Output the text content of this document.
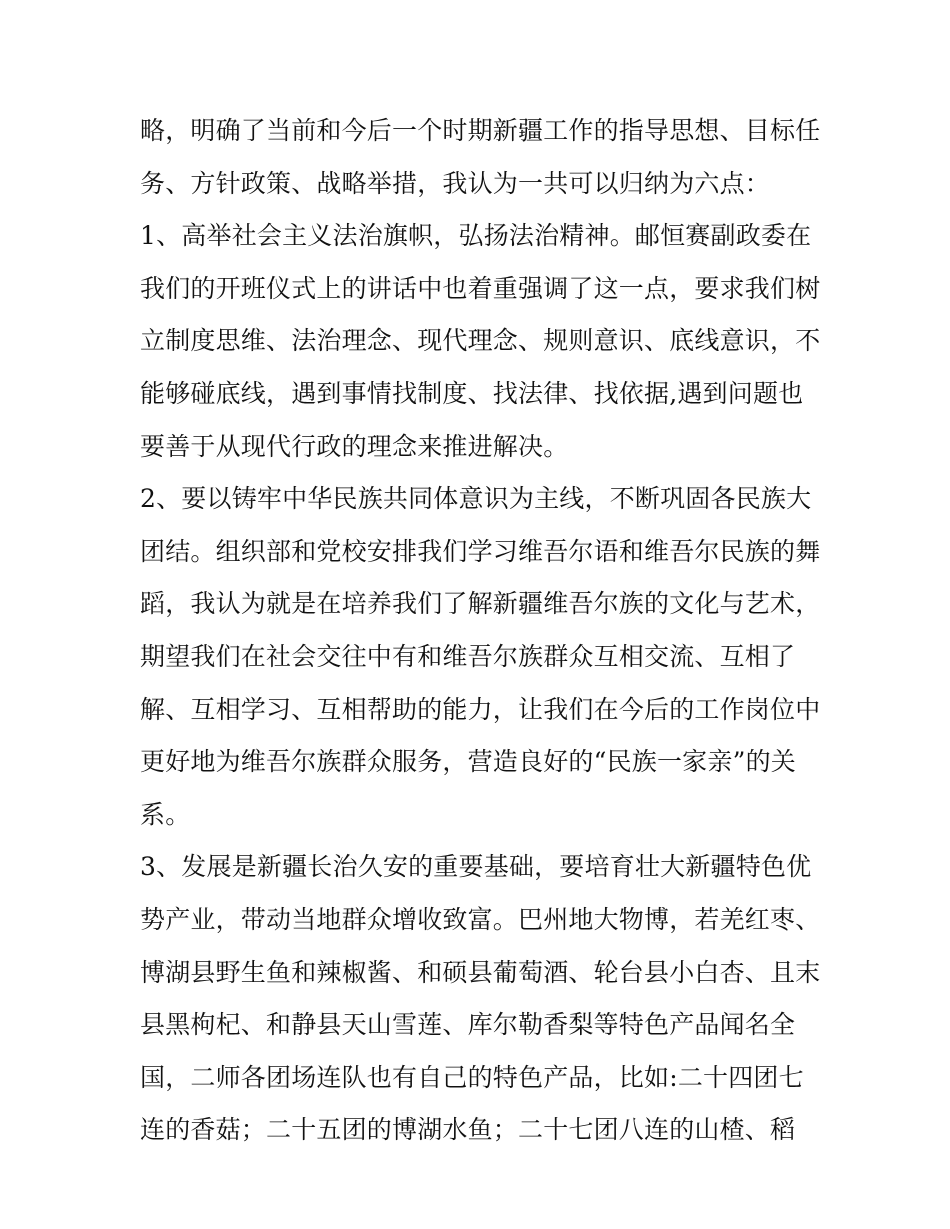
略，明确了当前和今后一个时期新疆工作的指导思想、目标任
务、方针政策、战略举措，我认为一共可以归纳为六点：
1、高举社会主义法治旗帜，弘扬法治精神。邮恒赛副政委在
我们的开班仪式上的讲话中也着重强调了这一点，要求我们树
立制度思维、法治理念、现代理念、规则意识、底线意识，不
能够碰底线，遇到事情找制度、找法律、找依据,遇到问题也
要善于从现代行政的理念来推进解决。
2、要以铸牢中华民族共同体意识为主线，不断巩固各民族大
团结。组织部和党校安排我们学习维吾尔语和维吾尔民族的舞
蹈，我认为就是在培养我们了解新疆维吾尔族的文化与艺术，
期望我们在社会交往中有和维吾尔族群众互相交流、互相了
解、互相学习、互相帮助的能力，让我们在今后的工作岗位中
更好地为维吾尔族群众服务，营造良好的“民族一家亲”的关
系。
3、发展是新疆长治久安的重要基础，要培育壮大新疆特色优
势产业，带动当地群众增收致富。巴州地大物博，若羌红枣、
博湖县野生鱼和辣椒酱、和硕县葡萄酒、轮台县小白杏、且末
县黑枸杞、和静县天山雪莲、库尔勒香梨等特色产品闻名全
国，二师各团场连队也有自己的特色产品，比如:二十四团七
连的香菇；二十五团的博湖水鱼；二十七团八连的山楂、稻
